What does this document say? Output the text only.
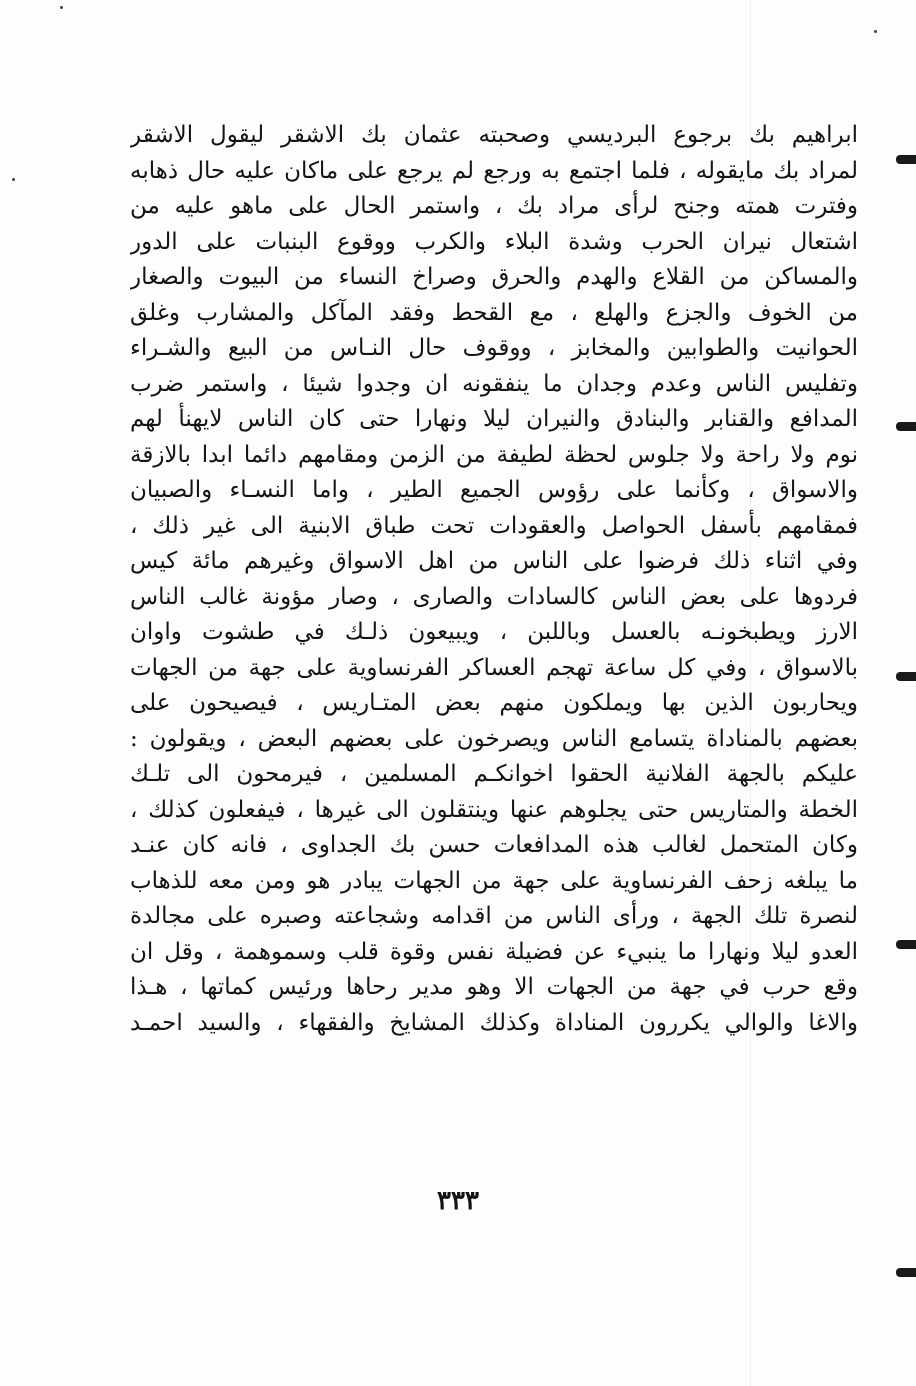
ابراهيم بك برجوع البرديسي وصحبته عثمان بك الاشقر ليقول الاشقر
لمراد بك مايقوله ، فلما اجتمع به ورجع لم يرجع على ماكان عليه حال ذهابه
وفترت همته وجنح لرأى مراد بك ، واستمر الحال على ماهو عليه من
اشتعال نيران الحرب وشدة البلاء والكرب ووقوع البنبات على الدور
والمساكن من القلاع والهدم والحرق وصراخ النساء من البيوت والصغار
من الخوف والجزع والهلع ، مع القحط وفقد المآكل والمشارب وغلق
الحوانيت والطوابين والمخابز ، ووقوف حال النـاس من البيع والشـراء
وتفليس الناس وعدم وجدان ما ينفقونه ان وجدوا شيئا ، واستمر ضرب
المدافع والقنابر والبنادق والنيران ليلا ونهارا حتى كان الناس لايهنأ لهم
نوم ولا راحة ولا جلوس لحظة لطيفة من الزمن ومقامهم دائما ابدا بالازقة
والاسواق ، وكأنما على رؤوس الجميع الطير ، واما النسـاء والصبيان
فمقامهم بأسفل الحواصل والعقودات تحت طباق الابنية الى غير ذلك ،
وفي اثناء ذلك فرضوا على الناس من اهل الاسواق وغيرهم مائة كيس
فردوها على بعض الناس كالسادات والصارى ، وصار مؤونة غالب الناس
الارز ويطبخونـه بالعسل وباللبن ، ويبيعون ذلـك في طشوت واوان
بالاسواق ، وفي كل ساعة تهجم العساكر الفرنساوية على جهة من الجهات
ويحاربون الذين بها ويملكون منهم بعض المتـاريس ، فيصيحون على
بعضهم بالمناداة يتسامع الناس ويصرخون على بعضهم البعض ، ويقولون :
عليكم بالجهة الفلانية الحقوا اخوانكـم المسلمين ، فيرمحون الى تلـك
الخطة والمتاريس حتى يجلوهم عنها وينتقلون الى غيرها ، فيفعلون كذلك ،
وكان المتحمل لغالب هذه المدافعات حسن بك الجداوى ، فانه كان عنـد
ما يبلغه زحف الفرنساوية على جهة من الجهات يبادر هو ومن معه للذهاب
لنصرة تلك الجهة ، ورأى الناس من اقدامه وشجاعته وصبره على مجالدة
العدو ليلا ونهارا ما ينبيء عن فضيلة نفس وقوة قلب وسموهمة ، وقل ان
وقع حرب في جهة من الجهات الا وهو مدير رحاها ورئيس كماتها ، هـذا
والاغا والوالي يكررون المناداة وكذلك المشايخ والفقهاء ، والسيد احمـد
٣٣٣
